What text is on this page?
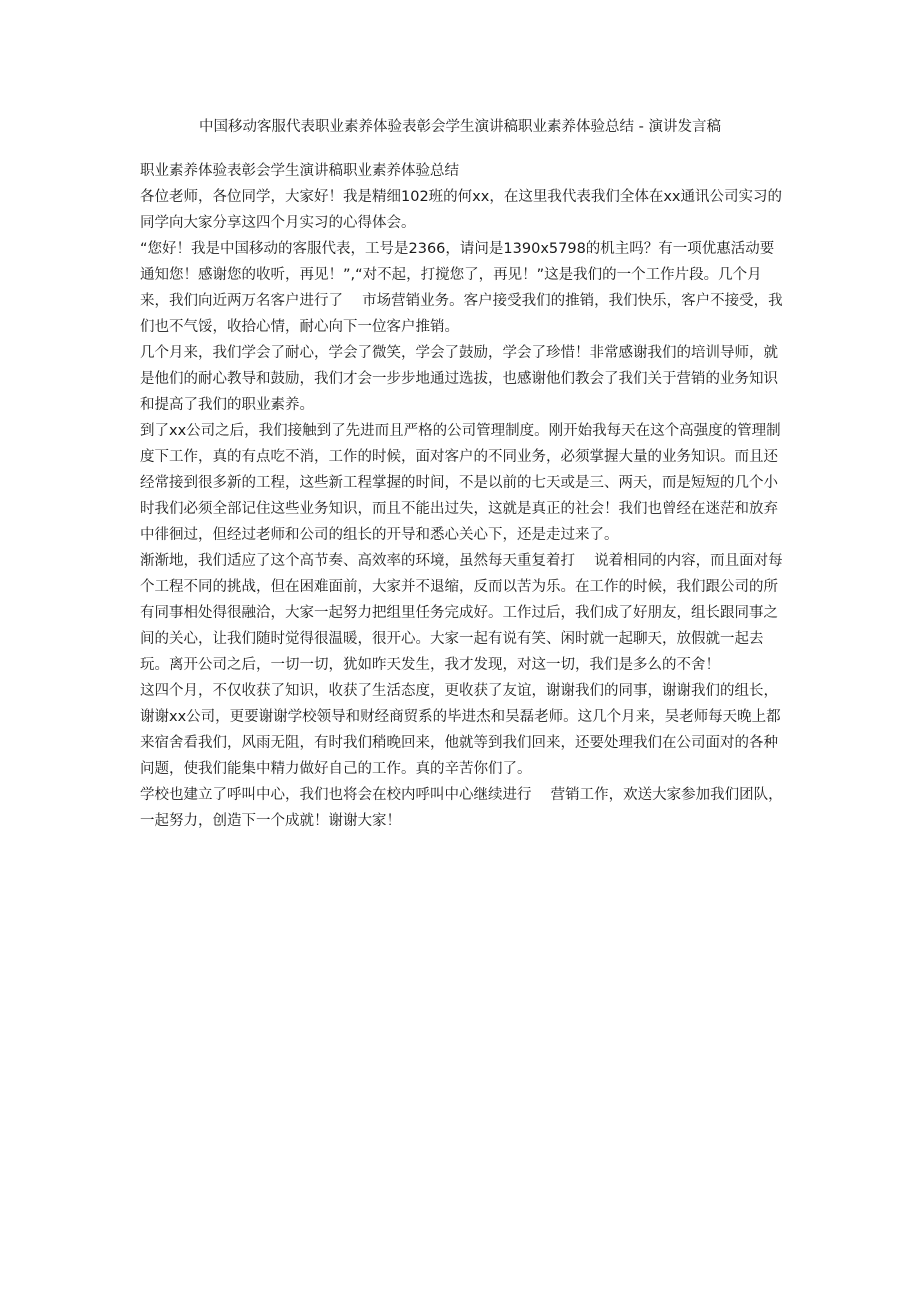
中国移动客服代表职业素养体验表彰会学生演讲稿职业素养体验总结 - 演讲发言稿

职业素养体验表彰会学生演讲稿职业素养体验总结

各位老师，各位同学，大家好！我是精细102班的何xx，在这里我代表我们全体在xx通讯公司实习的同学向大家分享这四个月实习的心得体会。

“您好！我是中国移动的客服代表，工号是2366，请问是1390x5798的机主吗？有一项优惠活动要通知您！感谢您的收听，再见！”,“对不起，打搅您了，再见！”这是我们的一个工作片段。几个月来，我们向近两万名客户进行了　 市场营销业务。客户接受我们的推销，我们快乐，客户不接受，我们也不气馁，收拾心情，耐心向下一位客户推销。

几个月来，我们学会了耐心，学会了微笑，学会了鼓励，学会了珍惜！非常感谢我们的培训导师，就是他们的耐心教导和鼓励，我们才会一步步地通过选拔，也感谢他们教会了我们关于营销的业务知识和提高了我们的职业素养。

到了xx公司之后，我们接触到了先进而且严格的公司管理制度。刚开始我每天在这个高强度的管理制度下工作，真的有点吃不消，工作的时候，面对客户的不同业务，必须掌握大量的业务知识。而且还经常接到很多新的工程，这些新工程掌握的时间，不是以前的七天或是三、两天，而是短短的几个小时我们必须全部记住这些业务知识，而且不能出过失，这就是真正的社会！我们也曾经在迷茫和放弃中徘徊过，但经过老师和公司的组长的开导和悉心关心下，还是走过来了。

渐渐地，我们适应了这个高节奏、高效率的环境，虽然每天重复着打　 说着相同的内容，而且面对每个工程不同的挑战，但在困难面前，大家并不退缩，反而以苦为乐。在工作的时候，我们跟公司的所有同事相处得很融洽，大家一起努力把组里任务完成好。工作过后，我们成了好朋友，组长跟同事之间的关心，让我们随时觉得很温暖，很开心。大家一起有说有笑、闲时就一起聊天，放假就一起去玩。离开公司之后，一切一切，犹如昨天发生，我才发现，对这一切，我们是多么的不舍！

这四个月，不仅收获了知识，收获了生活态度，更收获了友谊，谢谢我们的同事，谢谢我们的组长，谢谢xx公司，更要谢谢学校领导和财经商贸系的毕进杰和吴磊老师。这几个月来，吴老师每天晚上都来宿舍看我们，风雨无阻，有时我们稍晚回来，他就等到我们回来，还要处理我们在公司面对的各种问题，使我们能集中精力做好自己的工作。真的辛苦你们了。

学校也建立了呼叫中心，我们也将会在校内呼叫中心继续进行　 营销工作，欢送大家参加我们团队，一起努力，创造下一个成就！谢谢大家！
